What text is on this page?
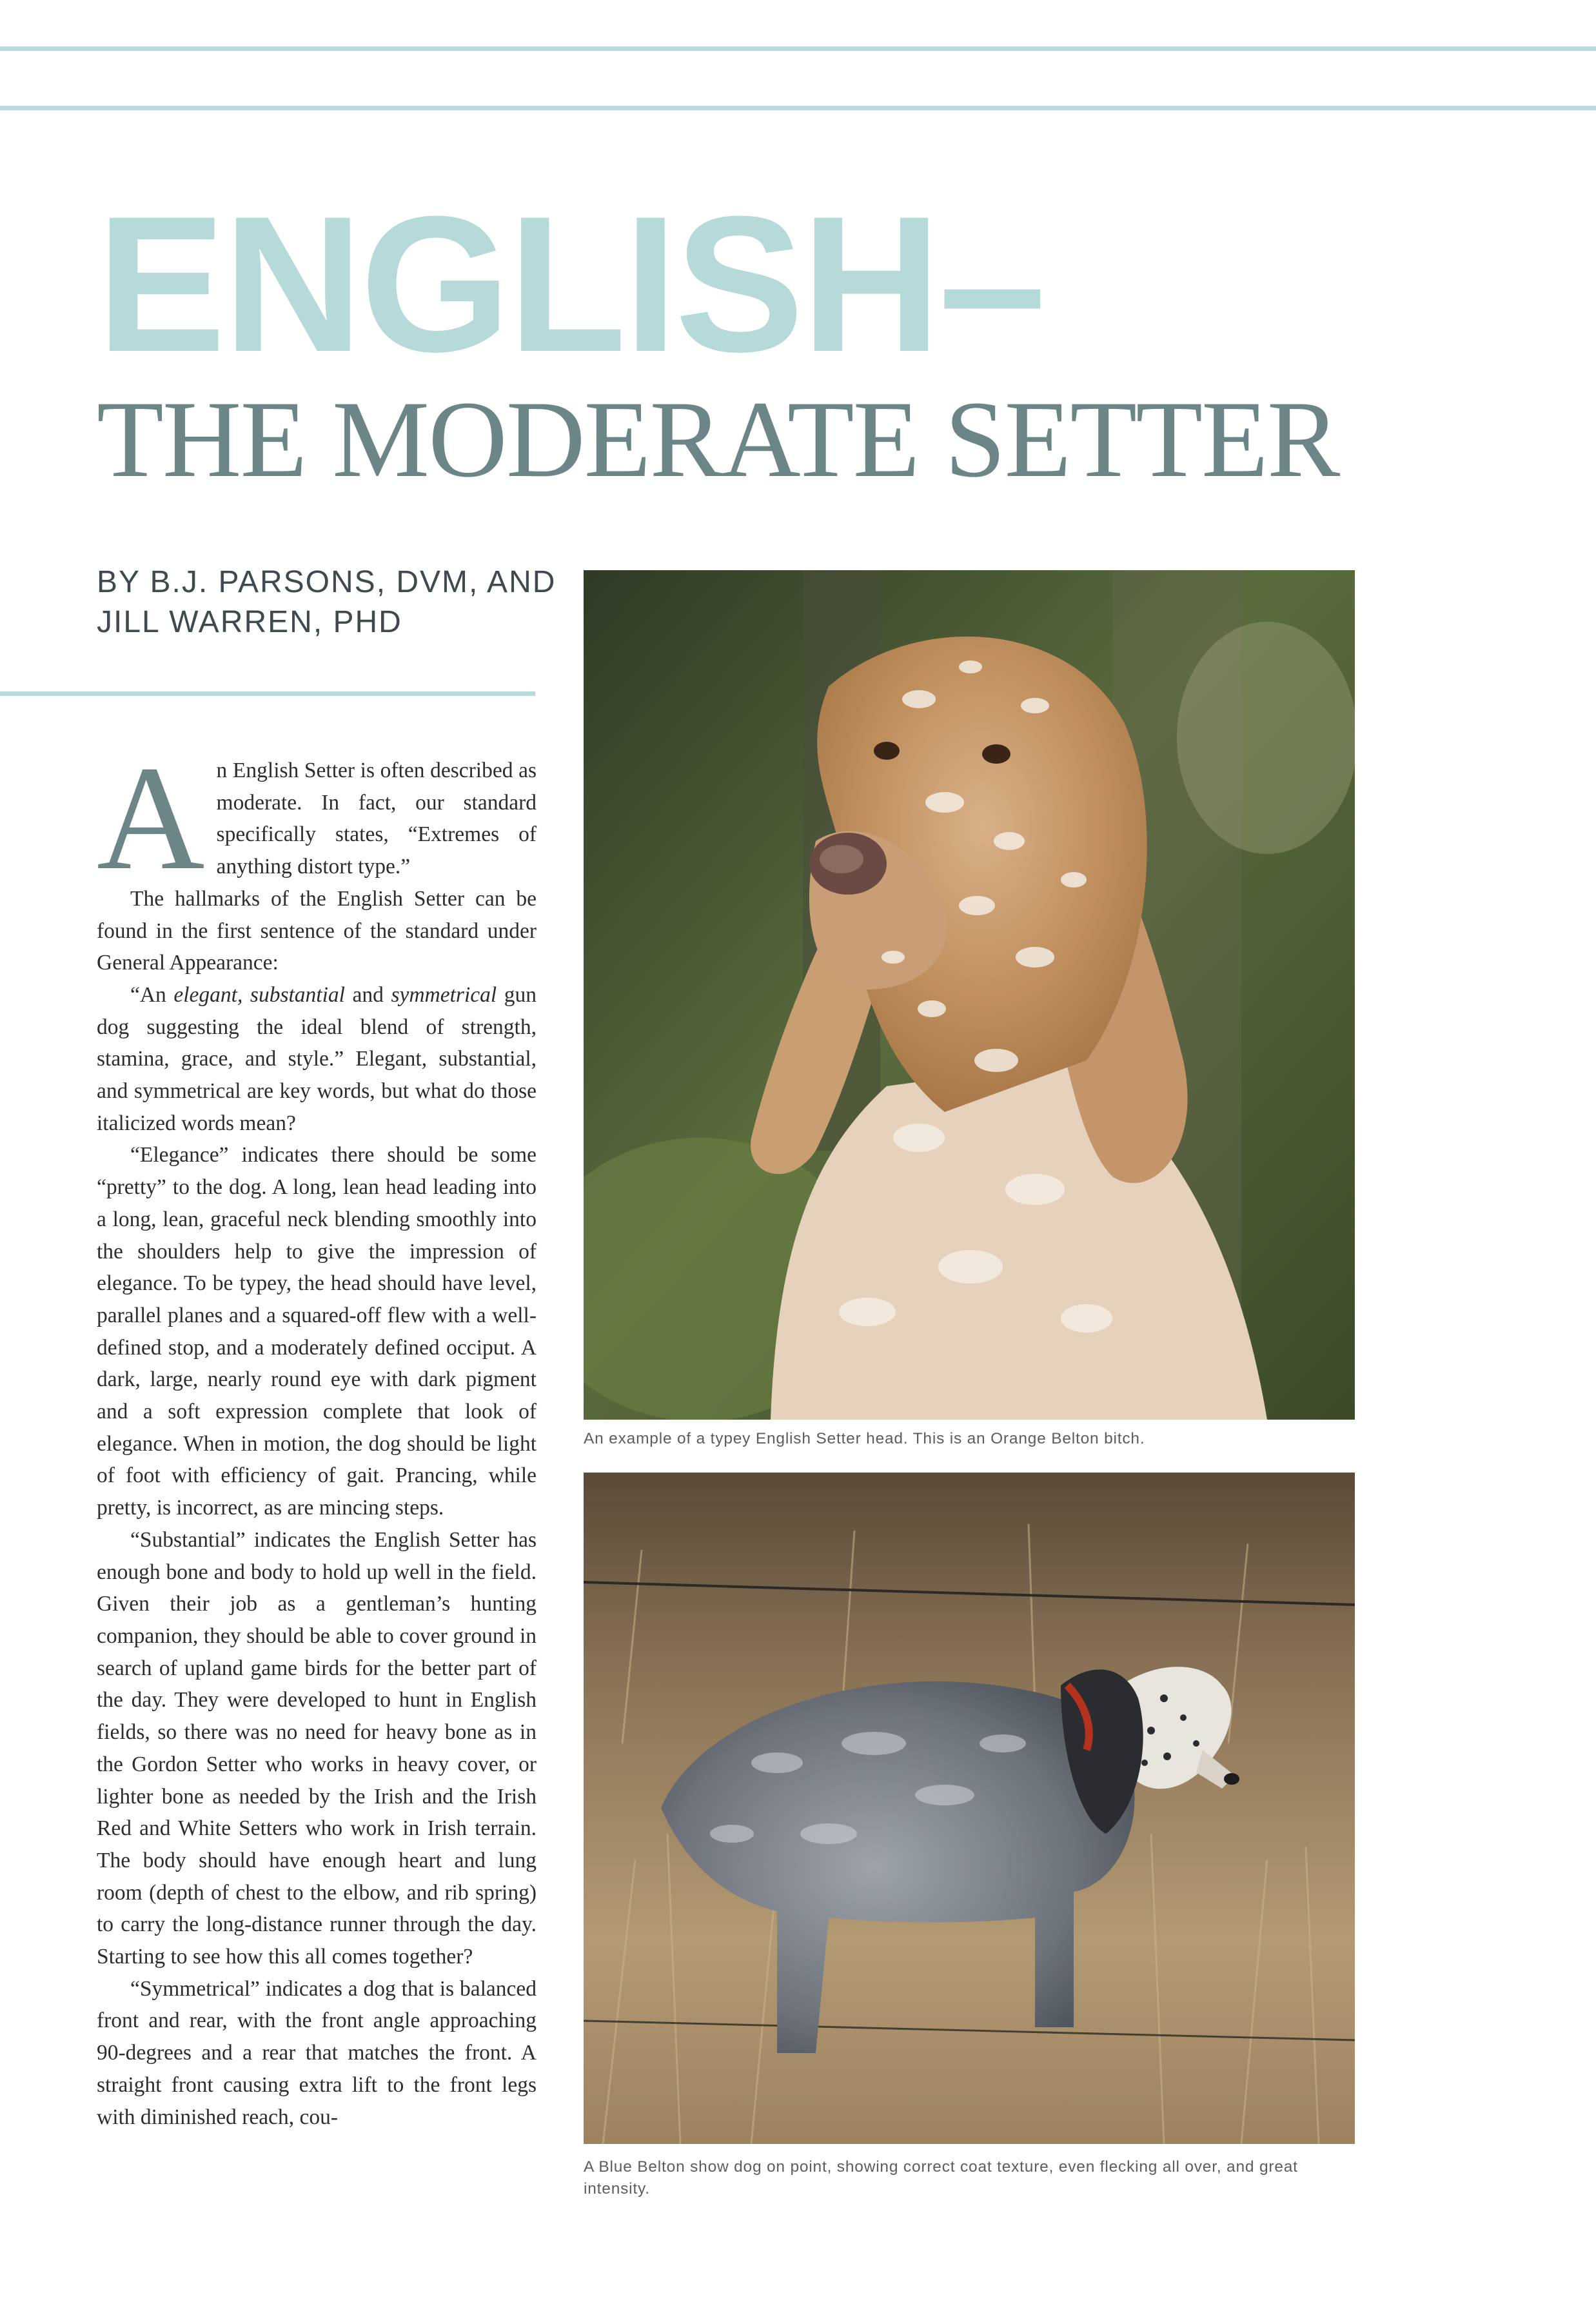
ENGLISH–
THE MODERATE SETTER

BY B.J. PARSONS, DVM, AND
JILL WARREN, PHD

An English Setter is often described as moderate. In fact, our standard specifically states, “Extremes of anything distort type.”

The hallmarks of the English Setter can be found in the first sentence of the standard under General Appearance:

“An elegant, substantial and symmetrical gun dog suggesting the ideal blend of strength, stamina, grace, and style.” Elegant, substantial, and symmetrical are key words, but what do those italicized words mean?

“Elegance” indicates there should be some “pretty” to the dog. A long, lean head leading into a long, lean, graceful neck blending smoothly into the shoulders help to give the impression of elegance. To be typey, the head should have level, parallel planes and a squared-off flew with a well-defined stop, and a moderately defined occiput. A dark, large, nearly round eye with dark pigment and a soft expression complete that look of elegance. When in motion, the dog should be light of foot with efficiency of gait. Prancing, while pretty, is incorrect, as are mincing steps.

“Substantial” indicates the English Setter has enough bone and body to hold up well in the field. Given their job as a gentleman’s hunting companion, they should be able to cover ground in search of upland game birds for the better part of the day. They were developed to hunt in English fields, so there was no need for heavy bone as in the Gordon Setter who works in heavy cover, or lighter bone as needed by the Irish and the Irish Red and White Setters who work in Irish terrain. The body should have enough heart and lung room (depth of chest to the elbow, and rib spring) to carry the long-distance runner through the day. Starting to see how this all comes together?

“Symmetrical” indicates a dog that is balanced front and rear, with the front angle approaching 90-degrees and a rear that matches the front. A straight front causing extra lift to the front legs with diminished reach, cou-

An example of a typey English Setter head. This is an Orange Belton bitch.

A Blue Belton show dog on point, showing correct coat texture, even flecking all over, and great intensity.
